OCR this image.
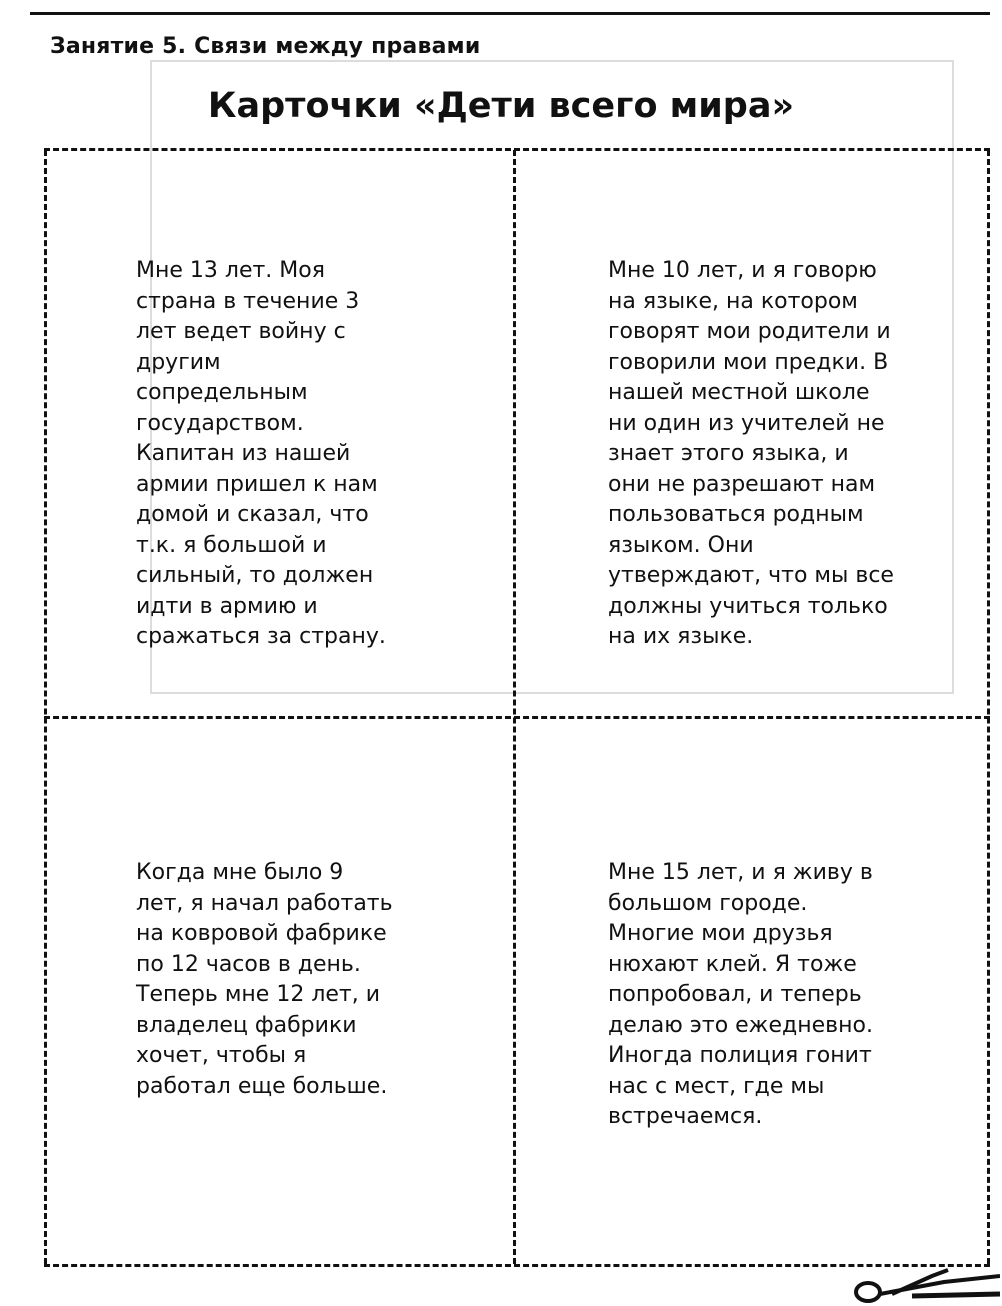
Занятие 5. Связи между правами
Карточки «Дети всего мира»
Мне 13 лет. Моя
страна в течение 3
лет ведет войну с
другим
сопредельным
государством.
Капитан из нашей
армии пришел к нам
домой и сказал, что
т.к. я большой и
сильный, то должен
идти в армию и
сражаться за страну.
Мне 10 лет, и я говорю
на языке, на котором
говорят мои родители и
говорили мои предки. В
нашей местной школе
ни один из учителей не
знает этого языка, и
они не разрешают нам
пользоваться родным
языком. Они
утверждают, что мы все
должны учиться только
на их языке.
Когда мне было 9
лет, я начал работать
на ковровой фабрике
по 12 часов в день.
Теперь мне 12 лет, и
владелец фабрики
хочет, чтобы я
работал еще больше.
Мне 15 лет, и я живу в
большом городе.
Многие мои друзья
нюхают клей. Я тоже
попробовал, и теперь
делаю это ежедневно.
Иногда полиция гонит
нас с мест, где мы
встречаемся.
